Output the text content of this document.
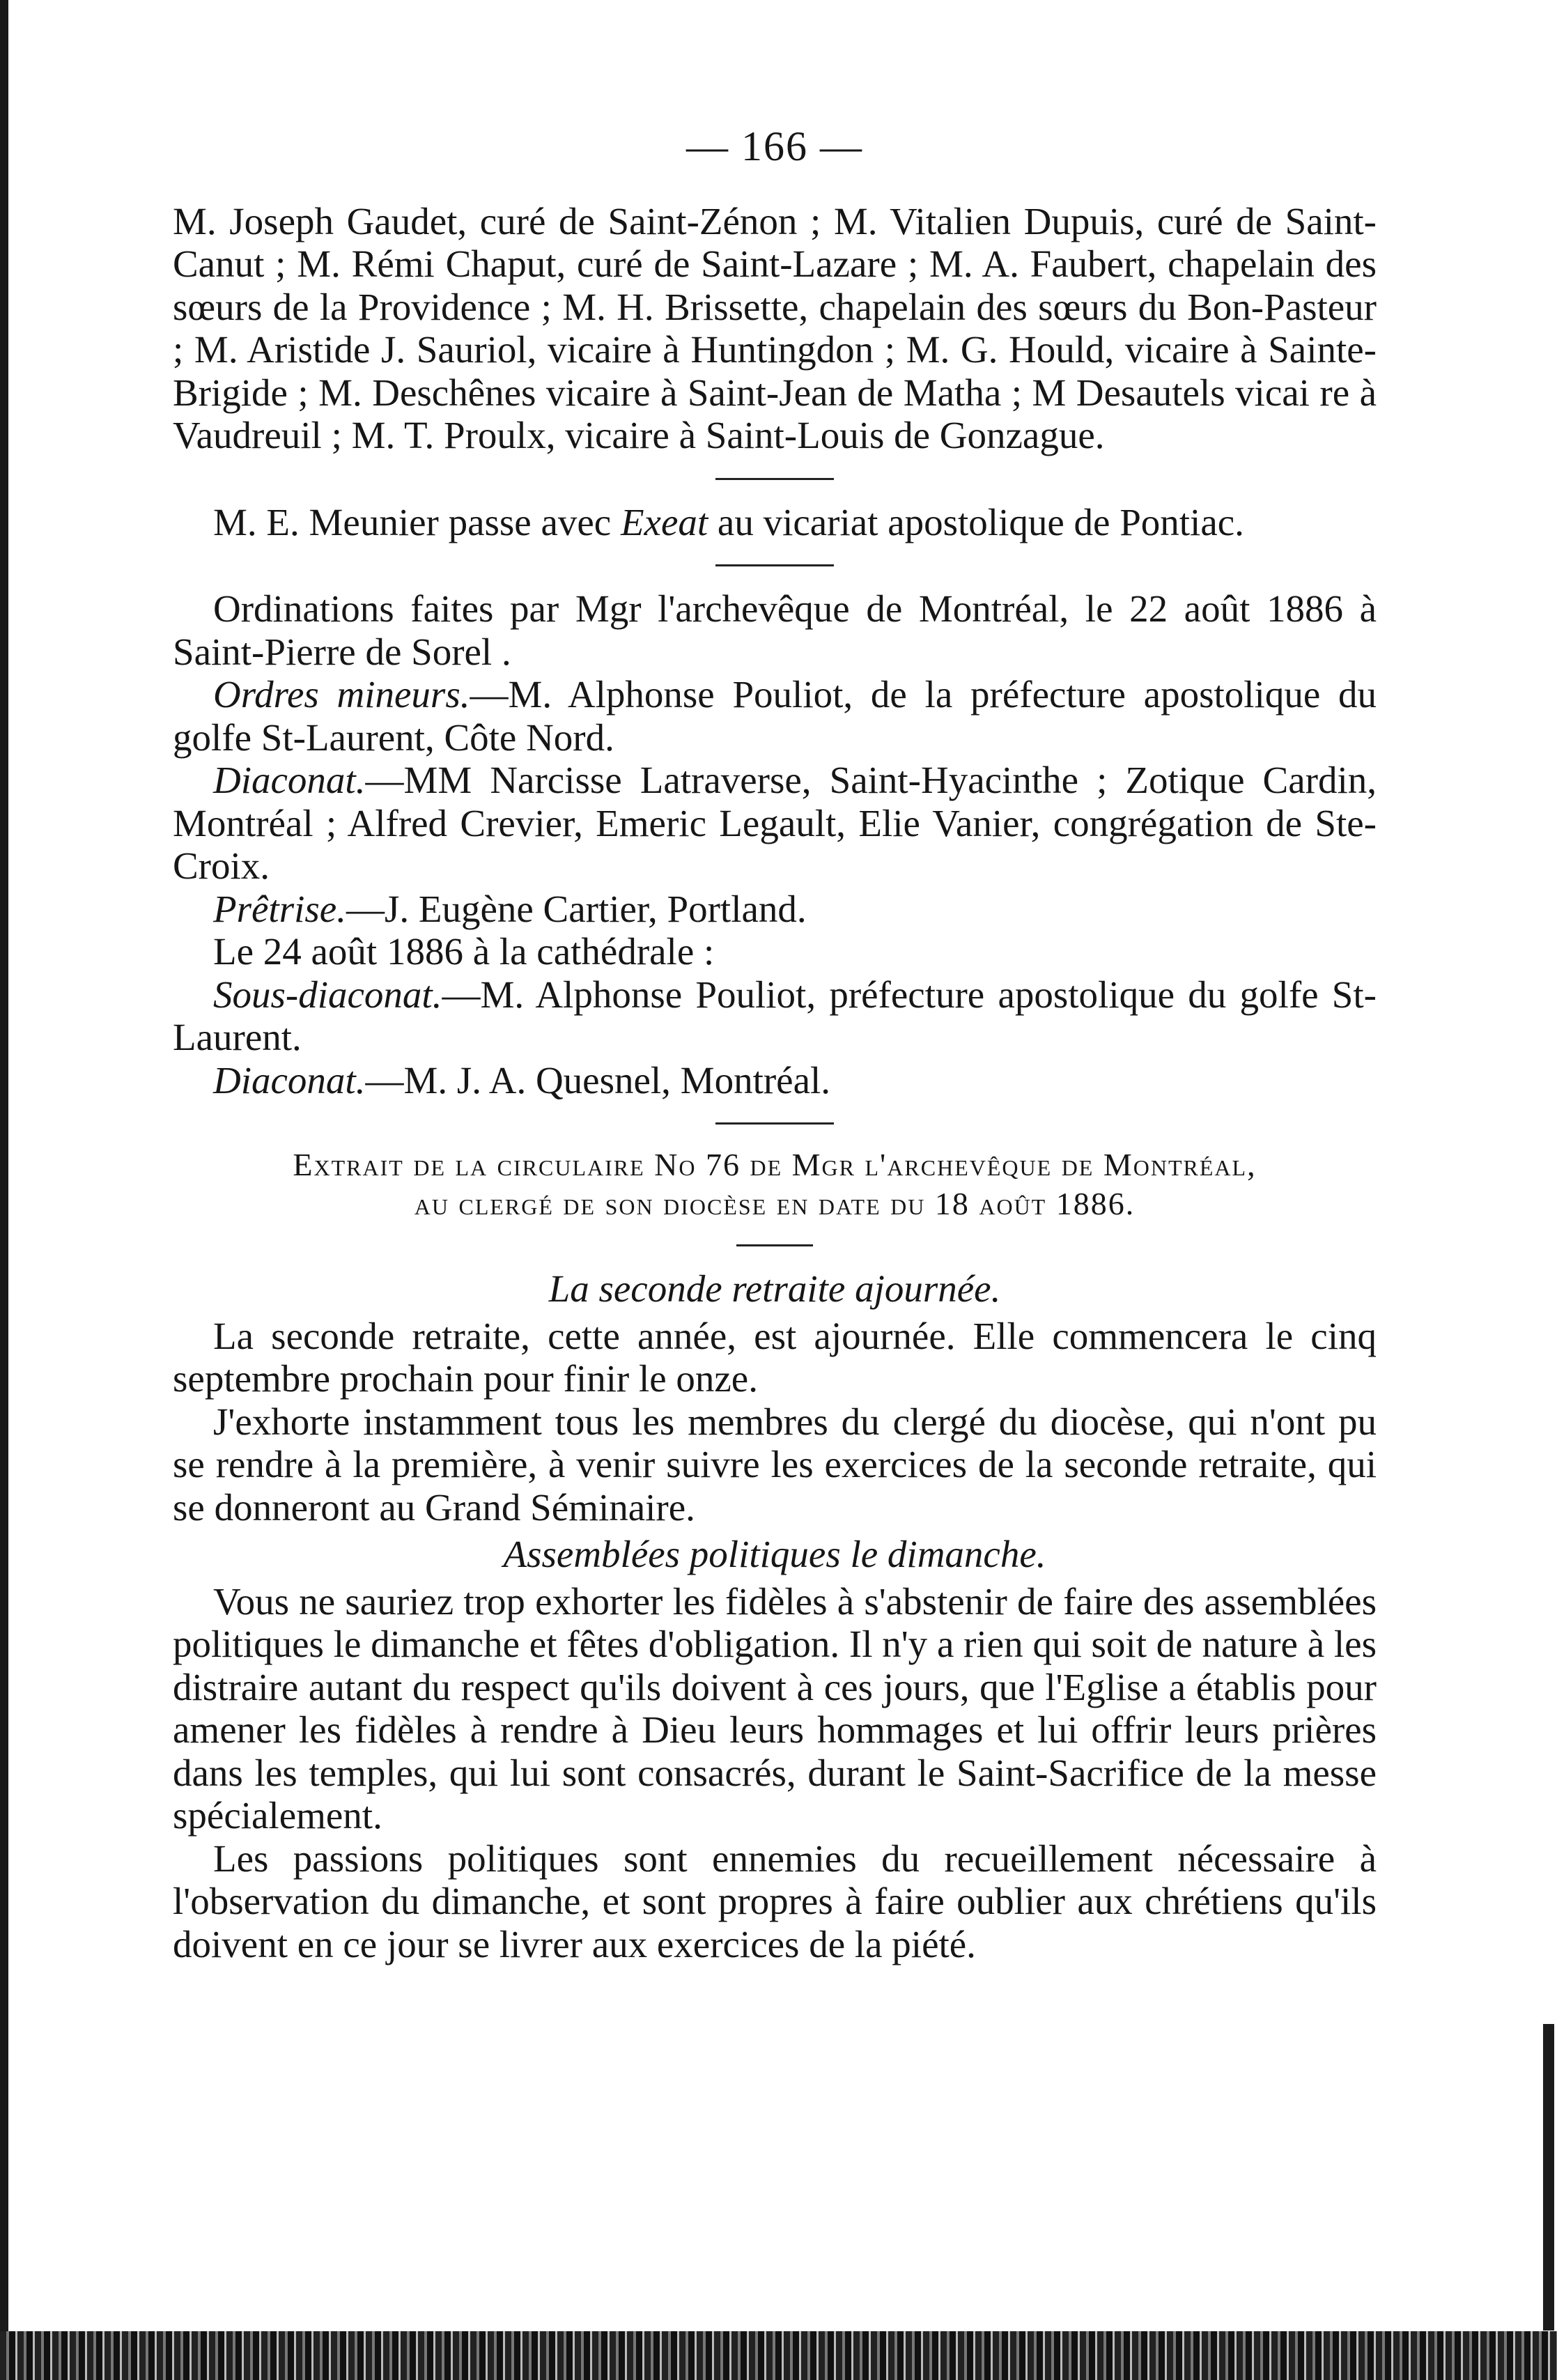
— 166 —

M. Joseph Gaudet, curé de Saint-Zénon ; M. Vitalien Dupuis, curé de Saint-Canut ; M. Rémi Chaput, curé de Saint-Lazare ; M. A. Faubert, chapelain des sœurs de la Providence ; M. H. Brissette, chapelain des sœurs du Bon-Pasteur ; M. Aristide J. Sauriol, vicaire à Huntingdon ; M. G. Hould, vicaire à Sainte-Brigide ; M. Deschênes vicaire à Saint-Jean de Matha ; M Desautels vicai re à Vaudreuil ; M. T. Proulx, vicaire à Saint-Louis de Gonzague.

M. E. Meunier passe avec Exeat au vicariat apostolique de Pontiac.

Ordinations faites par Mgr l'archevêque de Montréal, le 22 août 1886 à Saint-Pierre de Sorel .

Ordres mineurs.—M. Alphonse Pouliot, de la préfecture apostolique du golfe St-Laurent, Côte Nord.

Diaconat.—MM Narcisse Latraverse, Saint-Hyacinthe ; Zotique Cardin, Montréal ; Alfred Crevier, Emeric Legault, Elie Vanier, congrégation de Ste-Croix.

Prêtrise.—J. Eugène Cartier, Portland.

Le 24 août 1886 à la cathédrale :

Sous-diaconat.—M. Alphonse Pouliot, préfecture apostolique du golfe St-Laurent.

Diaconat.—M. J. A. Quesnel, Montréal.

Extrait de la circulaire No 76 de Mgr l'archevêque de Montréal,
au clergé de son diocèse en date du 18 août 1886.
La seconde retraite ajournée.

La seconde retraite, cette année, est ajournée. Elle commencera le cinq septembre prochain pour finir le onze.

J'exhorte instamment tous les membres du clergé du diocèse, qui n'ont pu se rendre à la première, à venir suivre les exercices de la seconde retraite, qui se donneront au Grand Séminaire.

Assemblées politiques le dimanche.

Vous ne sauriez trop exhorter les fidèles à s'abstenir de faire des assemblées politiques le dimanche et fêtes d'obligation. Il n'y a rien qui soit de nature à les distraire autant du respect qu'ils doivent à ces jours, que l'Eglise a établis pour amener les fidèles à rendre à Dieu leurs hommages et lui offrir leurs prières dans les temples, qui lui sont consacrés, durant le Saint-Sacrifice de la messe spécialement.

Les passions politiques sont ennemies du recueillement nécessaire à l'observation du dimanche, et sont propres à faire oublier aux chrétiens qu'ils doivent en ce jour se livrer aux exercices de la piété.
